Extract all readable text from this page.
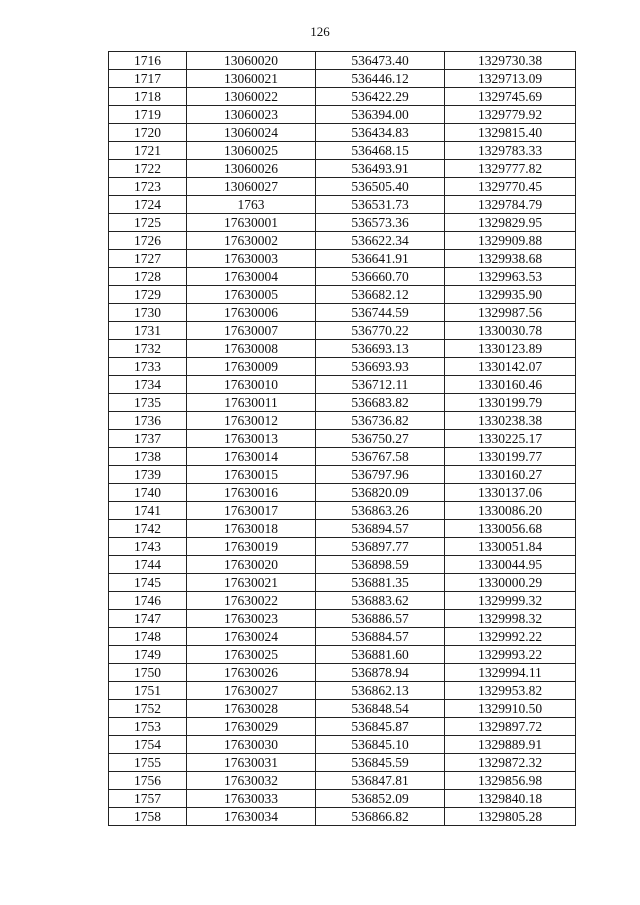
126
1716	13060020	536473.40	1329730.38
1717	13060021	536446.12	1329713.09
1718	13060022	536422.29	1329745.69
1719	13060023	536394.00	1329779.92
1720	13060024	536434.83	1329815.40
1721	13060025	536468.15	1329783.33
1722	13060026	536493.91	1329777.82
1723	13060027	536505.40	1329770.45
1724	1763	536531.73	1329784.79
1725	17630001	536573.36	1329829.95
1726	17630002	536622.34	1329909.88
1727	17630003	536641.91	1329938.68
1728	17630004	536660.70	1329963.53
1729	17630005	536682.12	1329935.90
1730	17630006	536744.59	1329987.56
1731	17630007	536770.22	1330030.78
1732	17630008	536693.13	1330123.89
1733	17630009	536693.93	1330142.07
1734	17630010	536712.11	1330160.46
1735	17630011	536683.82	1330199.79
1736	17630012	536736.82	1330238.38
1737	17630013	536750.27	1330225.17
1738	17630014	536767.58	1330199.77
1739	17630015	536797.96	1330160.27
1740	17630016	536820.09	1330137.06
1741	17630017	536863.26	1330086.20
1742	17630018	536894.57	1330056.68
1743	17630019	536897.77	1330051.84
1744	17630020	536898.59	1330044.95
1745	17630021	536881.35	1330000.29
1746	17630022	536883.62	1329999.32
1747	17630023	536886.57	1329998.32
1748	17630024	536884.57	1329992.22
1749	17630025	536881.60	1329993.22
1750	17630026	536878.94	1329994.11
1751	17630027	536862.13	1329953.82
1752	17630028	536848.54	1329910.50
1753	17630029	536845.87	1329897.72
1754	17630030	536845.10	1329889.91
1755	17630031	536845.59	1329872.32
1756	17630032	536847.81	1329856.98
1757	17630033	536852.09	1329840.18
1758	17630034	536866.82	1329805.28
